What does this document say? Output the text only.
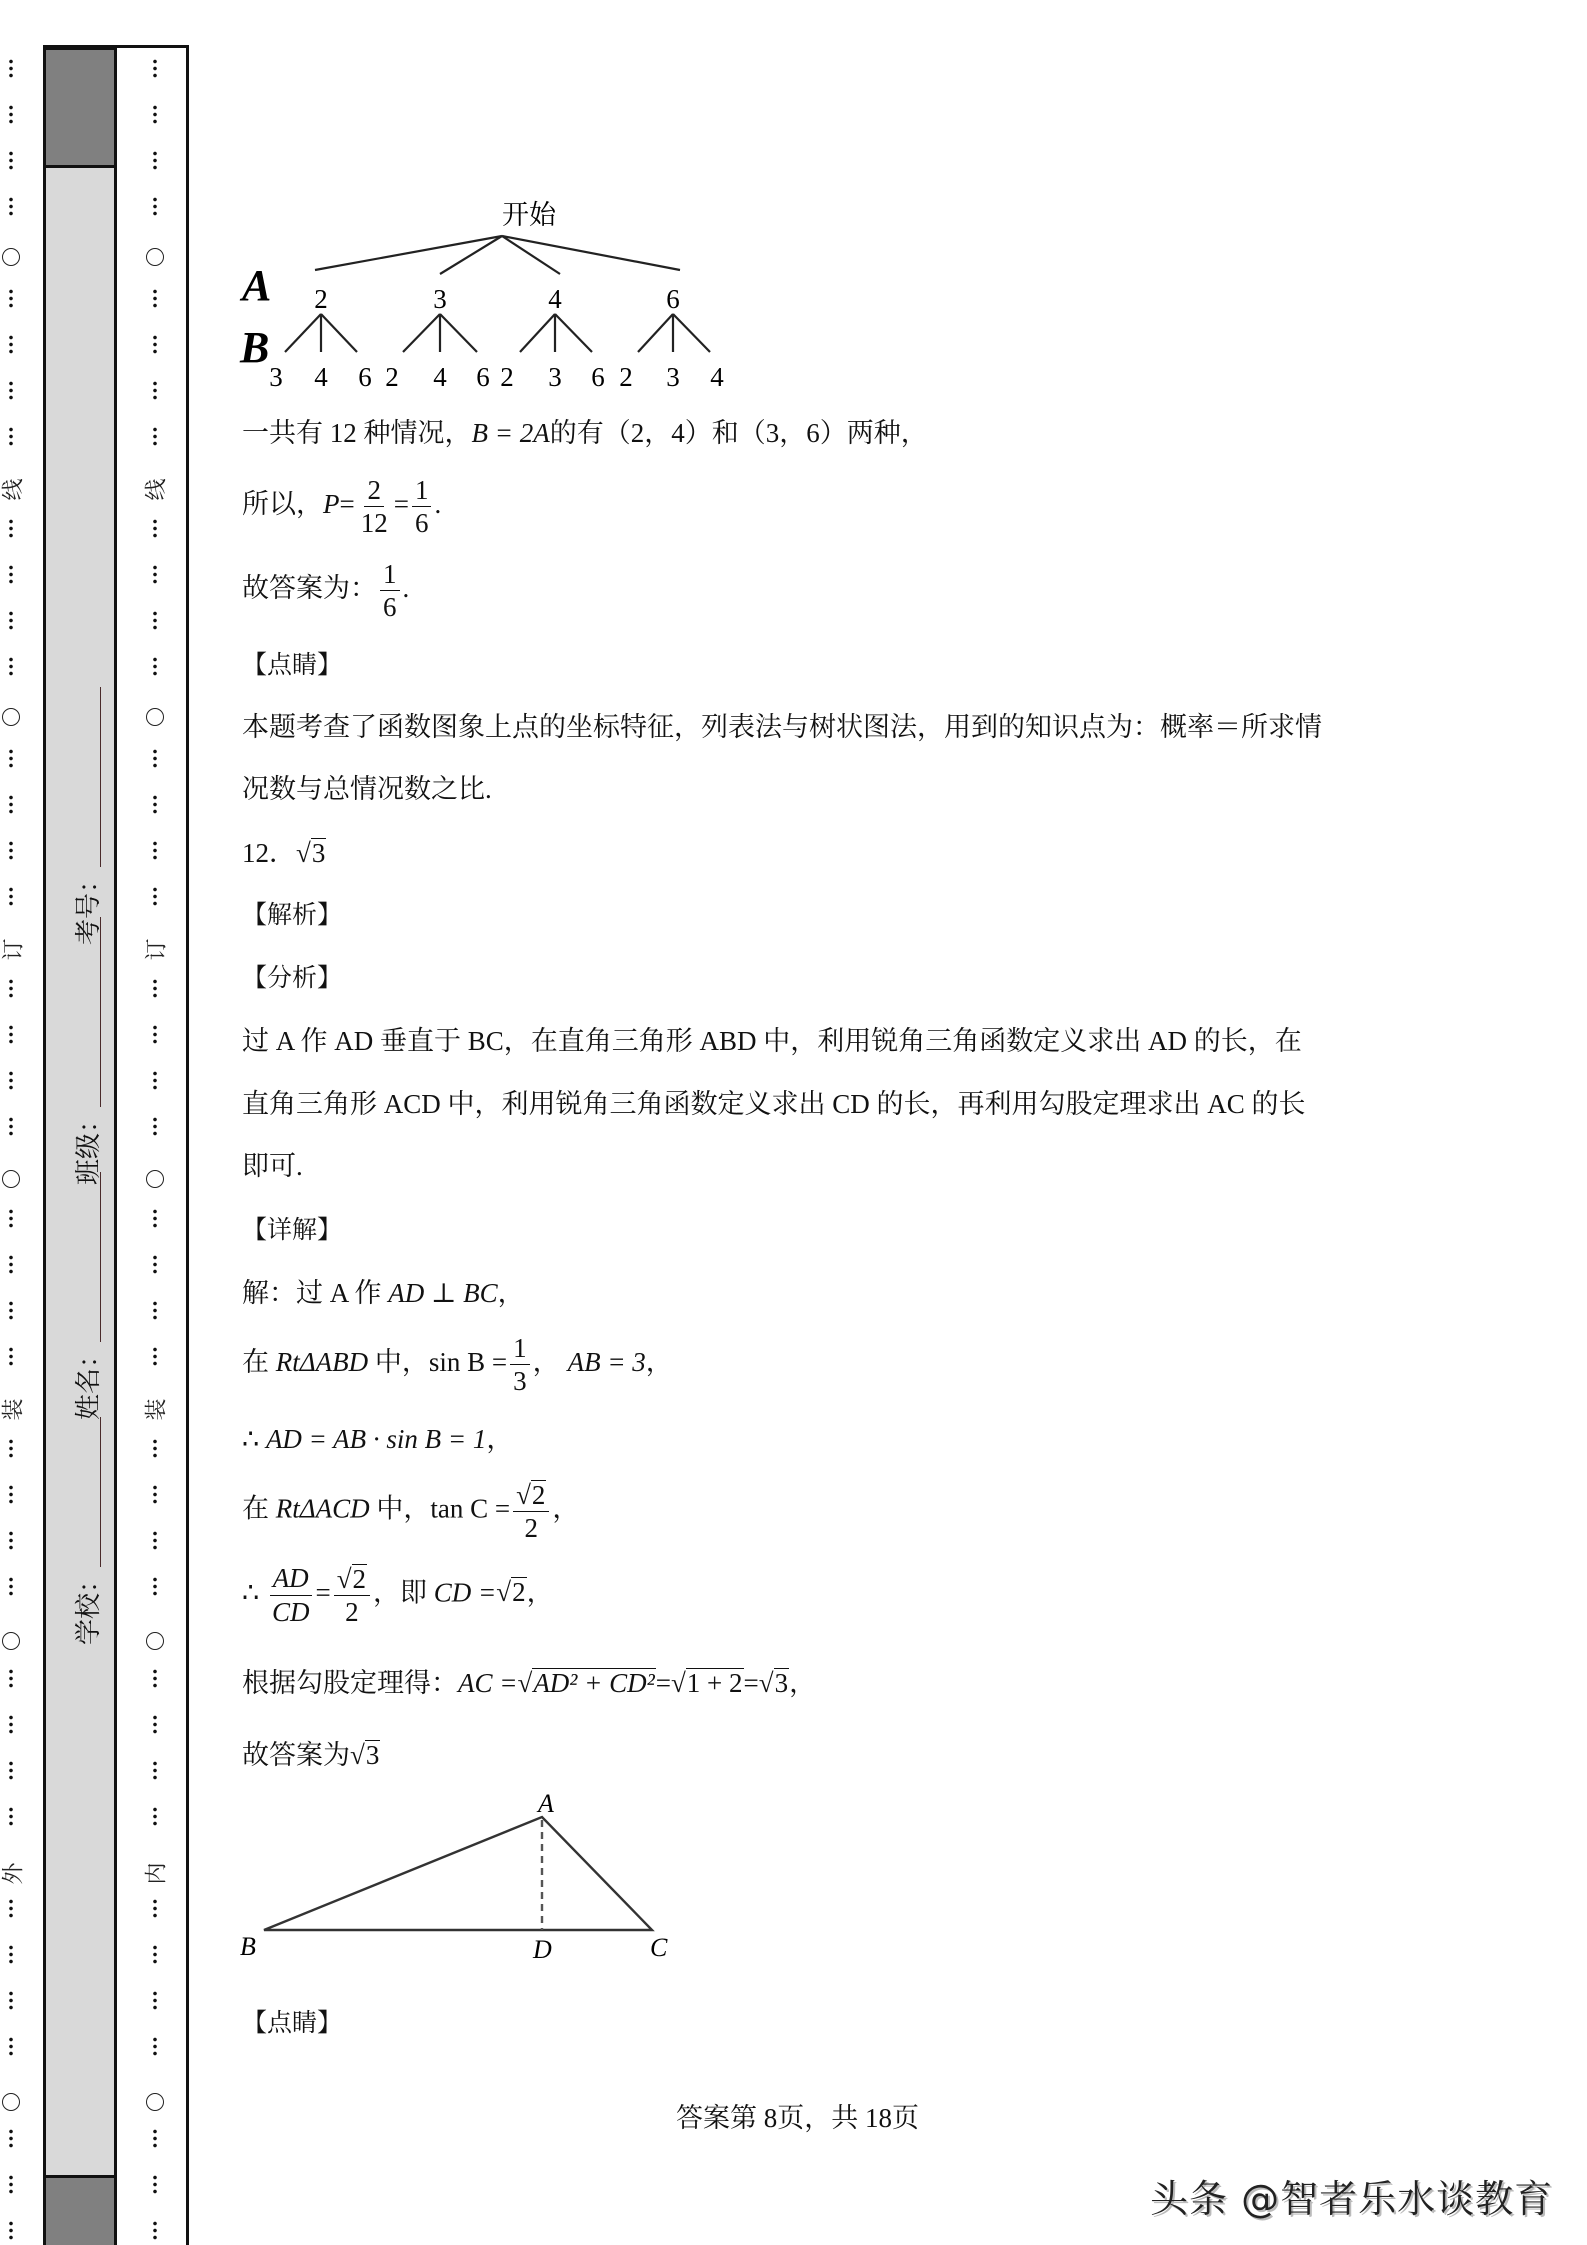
线
订
装
外
线
订
装
内
学校：
姓名：
班级：
考号：
开始
A
B
2	3	4	6
3 4 6 2 4 6 2 3 6 2 3 4
一共有 12 种情况，B = 2A的有（2，4）和（3，6）两种，
所以，$P= \frac{2}{12} = \frac{1}{6}$ .
故答案为： $\frac{1}{6}$ .
【点睛】
本题考查了函数图象上点的坐标特征，列表法与树状图法，用到的知识点为：概率＝所求情
况数与总情况数之比.
12． √ 3
【解析】
【分析】
过 A 作 AD 垂直于 BC，在直角三角形 ABD 中，利用锐角三角函数定义求出 AD 的长，在
直角三角形 ACD 中，利用锐角三角函数定义求出 CD 的长，再利用勾股定理求出 AC 的长
即可.
【详解】
解：过 A 作 AD ⊥ BC，
在 RtΔABD 中，$\sin B = \frac{1}{3}$ ， AB = 3，
∴ AD = AB · sin B = 1，
在 RtΔACD 中，$\tan C = \frac{√ 2}{2}$ ，
∴ $\frac{AD}{CD} = \frac{√ 2}{2}$ ，即 CD = √ 2 ，
根据勾股定理得：AC = √ AD² + CD² = √ 1 + 2 = √ 3 ，
故答案为 √ 3
A
B	D	C
【点睛】
答案第 8页，共 18页
头条 @智者乐水谈教育
